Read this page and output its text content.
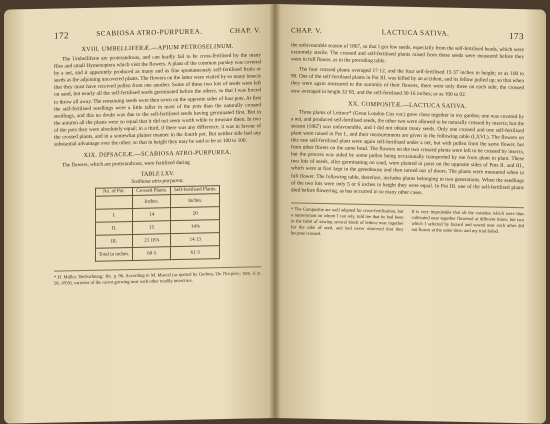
172	SCABIOSA ATRO-PURPUREA.	CHAP. V.
XVIII. UMBELLIFERÆ.—APIUM PETROSELINUM.

The Umbelliferæ are proterandrous, and can hardly fail to be cross-fertilised by the many flies and small Hymenoptera which visit the flowers. A plant of the common parsley was covered by a net, and it apparently produced as many and as fine spontaneously self-fertilised fruits or seeds as the adjoining uncovered plants. The flowers on the latter were visited by so many insects that they must have received pollen from one another. Some of these two lots of seeds were left on sand, but nearly all the self-fertilised seeds germinated before the others, so that I was forced to throw all away. The remaining seeds were then sown on the opposite sides of four pots. At first the self-fertilised seedlings were a little taller in most of the pots than the naturally crossed seedlings, and this no doubt was due to the self-fertilised seeds having germinated first. But in the autumn all the plants were so equal that it did not seem worth while to measure them. In two of the pots they were absolutely equal; in a third, if there was any difference, it was in favour of the crossed plants, and in a somewhat plainer manner in the fourth pot. But neither side had any substantial advantage over the other; so that in height they may be said to be as 100 to 100.

XIX. DIPSACEÆ.—SCABIOSA ATRO-PURPUREA.

The flowers, which are proterandrous, were fertilised during

TABLE LXV.
Scabiosa atro-purpurea.
No. of Pot.	Crossed Plants.	Self-fertilised Plants.
	Inches.	Inches.
I.	14	20
II.	15	14⅜
III.	21 18⅞	14 13
Total in inches.	68·5	61·3
* H. Müller, 'Befruchtung,' &c. p. 96. According to M. Mascal (as quoted by Godron, 'De l'Es-pèce,' tom. ii. p. 58, 1859), varieties of the carrot growing near each other readily intercross.
CHAP. V.	LACTUCA SATIVA.	173

the unfavourable season of 1867, so that I got few seeds, especially from the self-fertilised heads, which were extremely sterile. The crossed and self-fertilised plants raised from these seeds were measured before they were in full flower, as in the preceding table.

The four crossed plants averaged 17·12, and the four self-fertilised 15·37 inches in height; or as 100 to 90. One of the self-fertilised plants in Pot III. was killed by an accident, and its fellow pulled up; so that when they were again measured to the summits of their flowers, there were only three on each side; the crossed now averaged in height 32·83, and the self-fertilised 30·16 inches; or as 100 to 92.

XX. COMPOSITÆ.—LACTUCA SATIVA.

Three plants of Lettuce* (Great London Cos var.) grew close together in my garden; one was covered by a net, and produced self-fertilised seeds, the other two were allowed to be naturally crossed by insects; but the season (1867) was unfavourable, and I did not obtain many seeds. Only one crossed and one self-fertilised plant were raised in Pot I., and their measurements are given in the following table (LXVI.). The flowers on this one self-fertilised plant were again self-fertilised under a net, but with pollen from the same flower, but from other florets on the same head. The flowers on the two crossed plants were left to be crossed by insects, but the process was aided by some pollen being occasionally transported by me from plant to plant. These two lots of seeds, after germinating on sand, were planted in pairs on the opposite sides of Pots II. and III., which were at first kept in the greenhouse and then turned out of doors. The plants were measured when in full flower. The following table, therefore, includes plants belonging to two generations. When the seedlings of the two lots were only 5 or 6 inches in height they were equal. In Pot III. one of the self-fertilised plants died before flowering, as has occurred in so many other cases.

* The Compositæ are well adapted for cross-fertilisation, but a nurseryman on whom I can rely, told me that he had been in the habit of sowing several kinds of lettuce near together for the sake of seed, and had never observed that they became crossed.
It is very improbable that all the varieties which were thus cultivated near together flowered at different times; but two which I selected by hazard and sowed near each other did not flower at the same time; and my trial failed.
